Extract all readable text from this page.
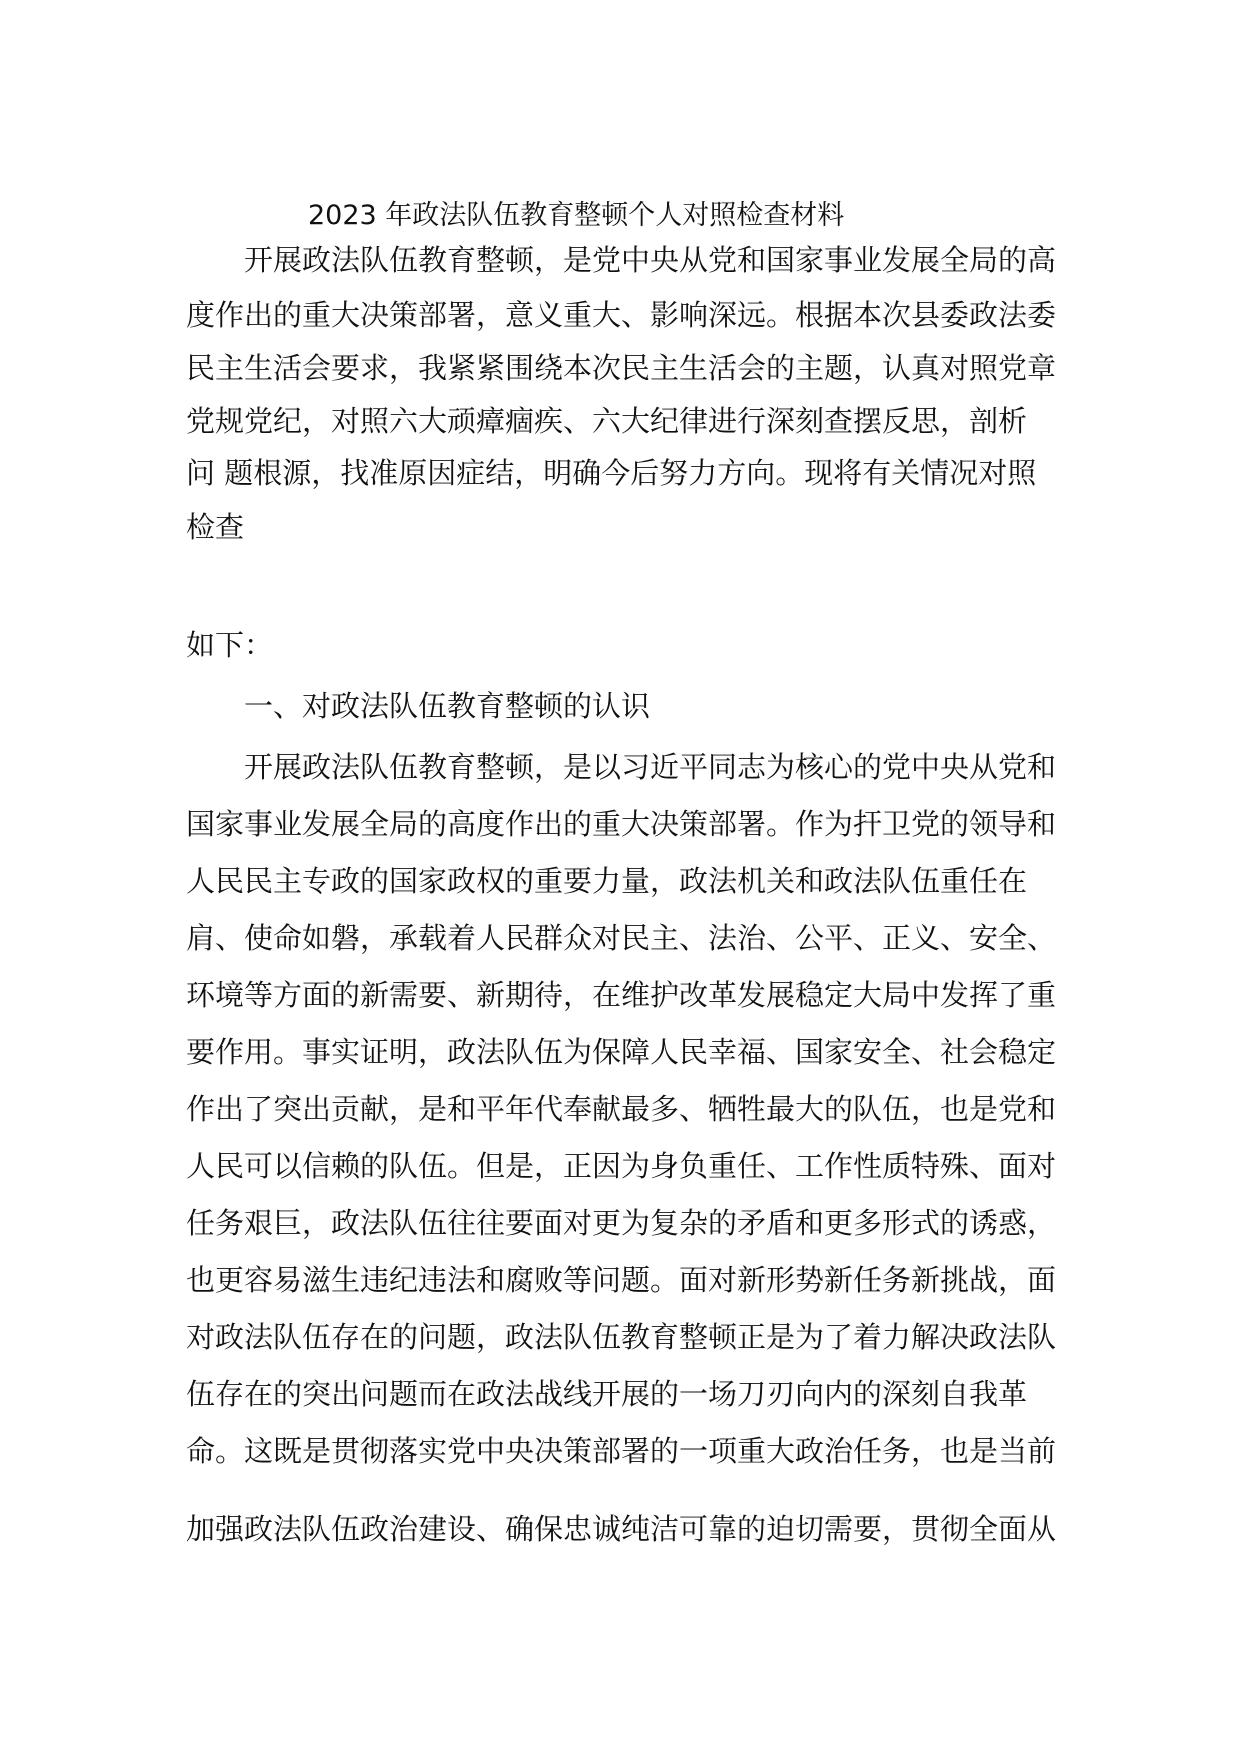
2023 年政法队伍教育整顿个人对照检查材料
开展政法队伍教育整顿，是党中央从党和国家事业发展全局的高
度作出的重大决策部署，意义重大、影响深远。根据本次县委政法委
民主生活会要求，我紧紧围绕本次民主生活会的主题，认真对照党章
党规党纪，对照六大顽瘴痼疾、六大纪律进行深刻查摆反思，剖析
问 题根源，找准原因症结，明确今后努力方向。现将有关情况对照
检查
如下：
一、对政法队伍教育整顿的认识
开展政法队伍教育整顿，是以习近平同志为核心的党中央从党和
国家事业发展全局的高度作出的重大决策部署。作为扞卫党的领导和
人民民主专政的国家政权的重要力量，政法机关和政法队伍重任在
肩、使命如磐，承载着人民群众对民主、法治、公平、正义、安全、
环境等方面的新需要、新期待，在维护改革发展稳定大局中发挥了重
要作用。事实证明，政法队伍为保障人民幸福、国家安全、社会稳定
作出了突出贡献，是和平年代奉献最多、牺牲最大的队伍，也是党和
人民可以信赖的队伍。但是，正因为身负重任、工作性质特殊、面对
任务艰巨，政法队伍往往要面对更为复杂的矛盾和更多形式的诱惑，
也更容易滋生违纪违法和腐败等问题。面对新形势新任务新挑战，面
对政法队伍存在的问题，政法队伍教育整顿正是为了着力解决政法队
伍存在的突出问题而在政法战线开展的一场刀刃向内的深刻自我革
命。这既是贯彻落实党中央决策部署的一项重大政治任务，也是当前
加强政法队伍政治建设、确保忠诚纯洁可靠的迫切需要，贯彻全面从
